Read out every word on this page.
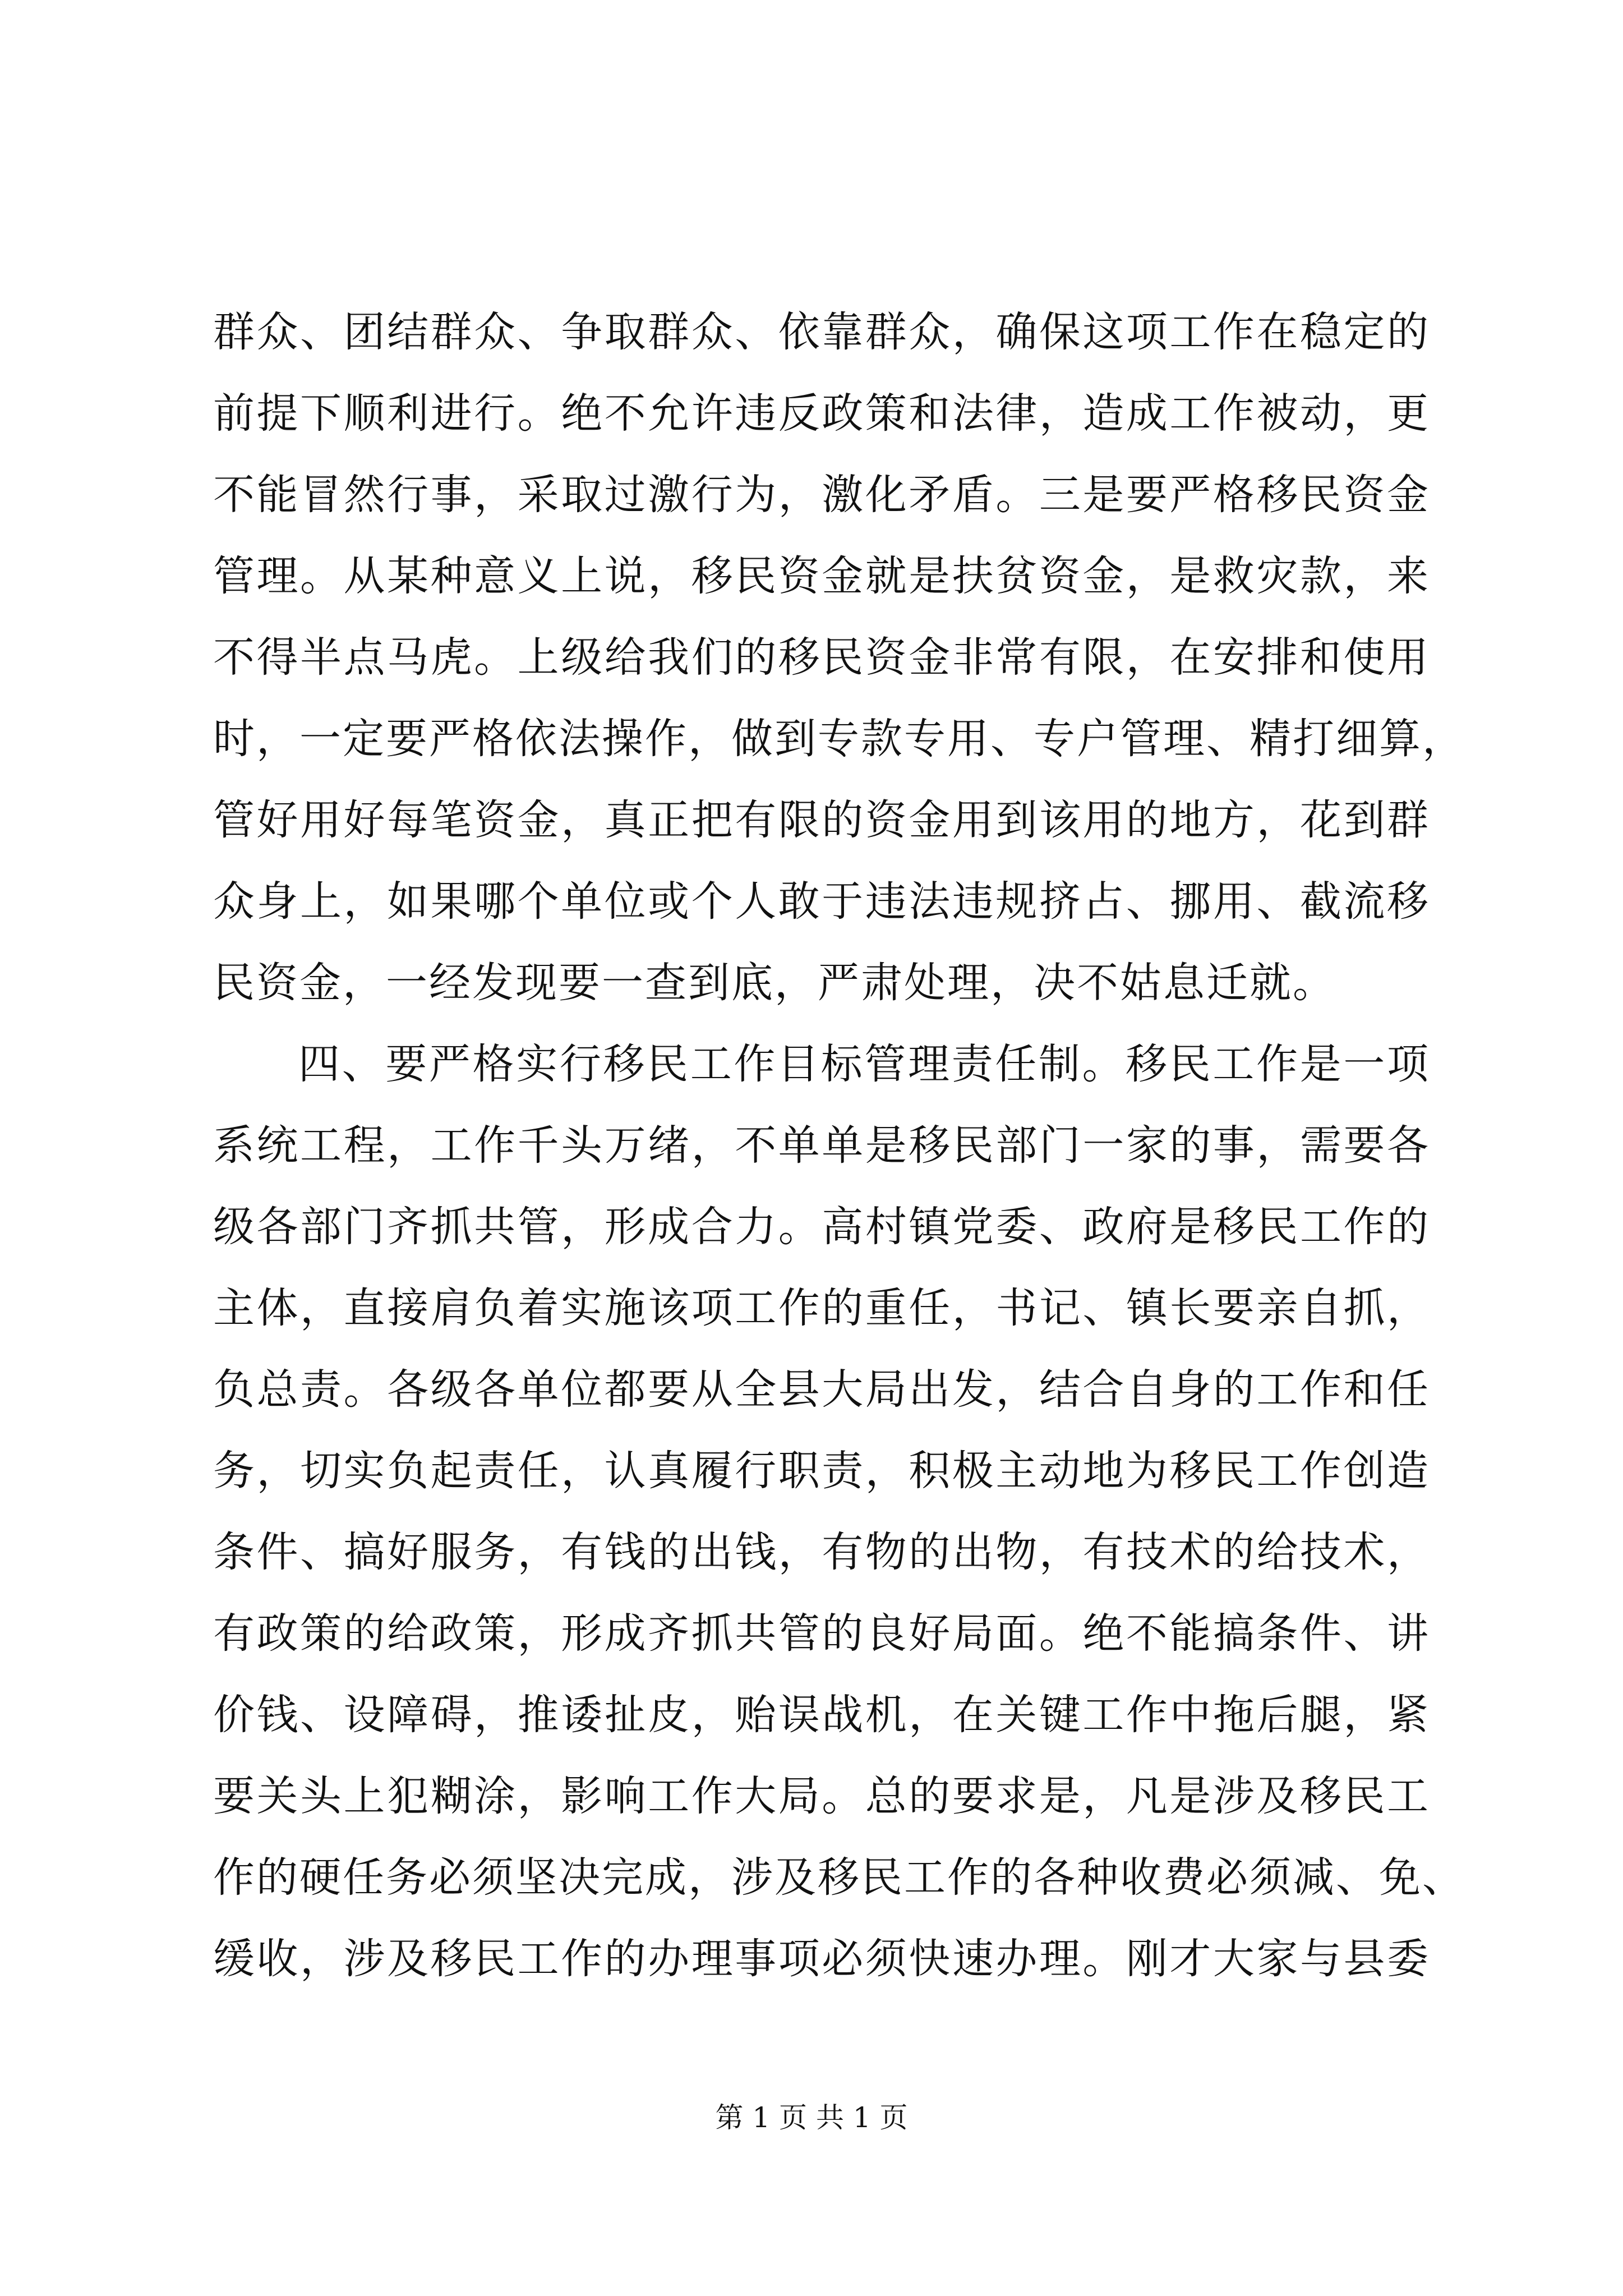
群众、团结群众、争取群众、依靠群众，确保这项工作在稳定的
前提下顺利进行。绝不允许违反政策和法律，造成工作被动，更
不能冒然行事，采取过激行为，激化矛盾。三是要严格移民资金
管理。从某种意义上说，移民资金就是扶贫资金，是救灾款，来
不得半点马虎。上级给我们的移民资金非常有限，在安排和使用
时，一定要严格依法操作，做到专款专用、专户管理、精打细算，
管好用好每笔资金，真正把有限的资金用到该用的地方，花到群
众身上，如果哪个单位或个人敢于违法违规挤占、挪用、截流移
民资金，一经发现要一查到底，严肃处理，决不姑息迁就。
四、要严格实行移民工作目标管理责任制。移民工作是一项
系统工程，工作千头万绪，不单单是移民部门一家的事，需要各
级各部门齐抓共管，形成合力。高村镇党委、政府是移民工作的
主体，直接肩负着实施该项工作的重任，书记、镇长要亲自抓，
负总责。各级各单位都要从全县大局出发，结合自身的工作和任
务，切实负起责任，认真履行职责，积极主动地为移民工作创造
条件、搞好服务，有钱的出钱，有物的出物，有技术的给技术，
有政策的给政策，形成齐抓共管的良好局面。绝不能搞条件、讲
价钱、设障碍，推诿扯皮，贻误战机，在关键工作中拖后腿，紧
要关头上犯糊涂，影响工作大局。总的要求是，凡是涉及移民工
作的硬任务必须坚决完成，涉及移民工作的各种收费必须减、免、
缓收，涉及移民工作的办理事项必须快速办理。刚才大家与县委
第 1 页 共 1 页
